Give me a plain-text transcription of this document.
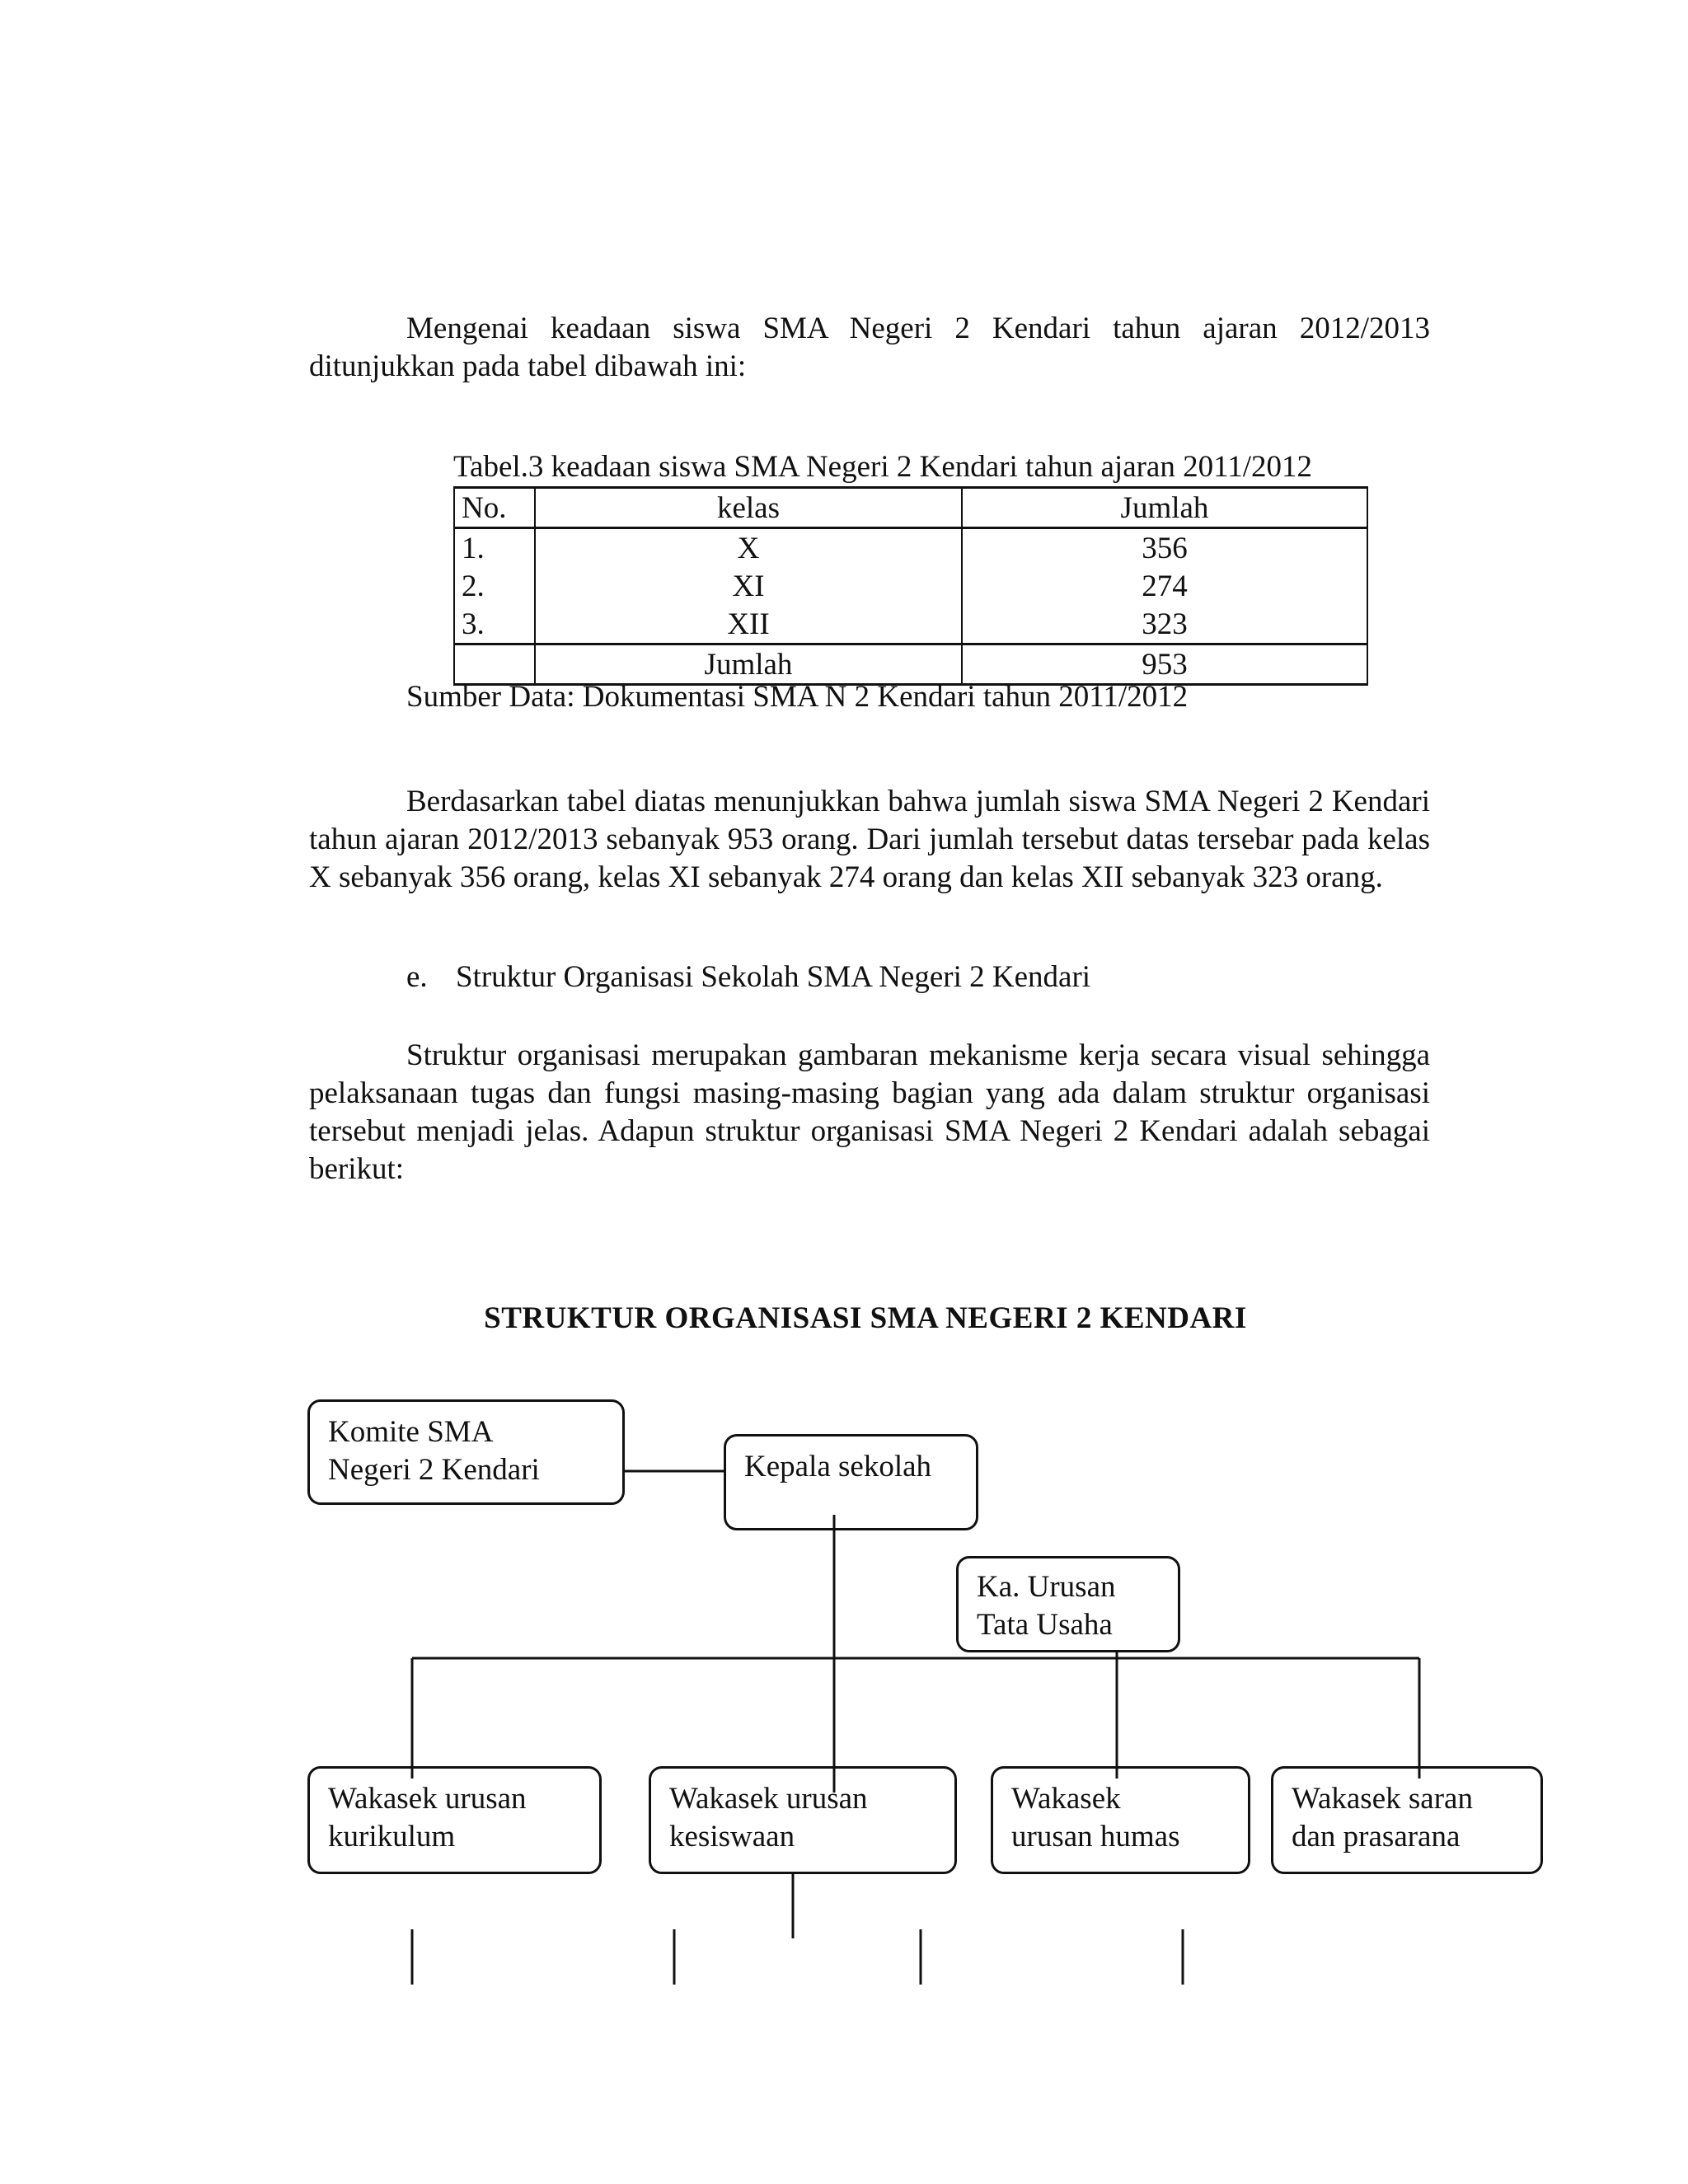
Mengenai keadaan siswa SMA Negeri 2 Kendari tahun ajaran 2012/2013 ditunjukkan pada tabel dibawah ini:

Tabel.3 keadaan siswa SMA Negeri 2 Kendari tahun ajaran 2011/2012
No.	kelas	Jumlah
1.	X	356
2.	XI	274
3.	XII	323
	Jumlah	953
Sumber Data: Dokumentasi SMA N 2 Kendari tahun 2011/2012

Berdasarkan tabel diatas menunjukkan bahwa jumlah siswa SMA Negeri 2 Kendari tahun ajaran 2012/2013 sebanyak 953 orang. Dari jumlah tersebut datas tersebar pada kelas X sebanyak 356 orang, kelas XI sebanyak 274 orang dan kelas XII sebanyak 323 orang.

e. Struktur Organisasi Sekolah SMA Negeri 2 Kendari

Struktur organisasi merupakan gambaran mekanisme kerja secara visual sehingga pelaksanaan tugas dan fungsi masing-masing bagian yang ada dalam struktur organisasi tersebut menjadi jelas. Adapun struktur organisasi SMA Negeri 2 Kendari adalah sebagai berikut:

STRUKTUR ORGANISASI SMA NEGERI 2 KENDARI
Komite SMA
Negeri 2 Kendari	Kepala sekolah
Ka. Urusan
Tata Usaha
Wakasek urusan
kurikulum
Wakasek urusan
kesiswaan
Wakasek
urusan humas
Wakasek saran
dan prasarana
